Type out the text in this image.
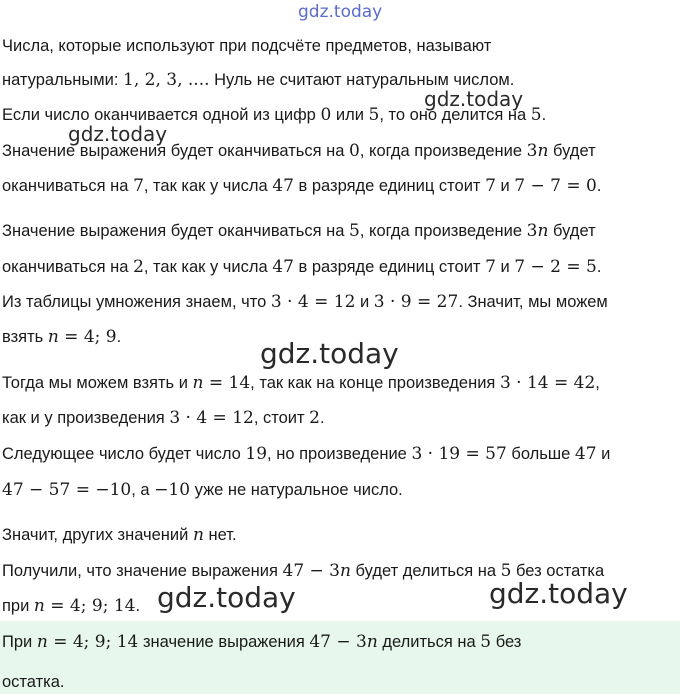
gdz.today
gdz.today
gdz.today
gdz.today
gdz.today	gdz.today
Числа, которые используют при подсчёте предметов, называют
натуральными: 1, 2, 3, .... Нуль не считают натуральным числом.
Если число оканчивается одной из цифр 0 или 5, то оно делится на 5.
Значение выражения будет оканчиваться на 0, когда произведение 3n будет
оканчиваться на 7, так как у числа 47 в разряде единиц стоит 7 и 7 − 7 = 0.
Значение выражения будет оканчиваться на 5, когда произведение 3n будет
оканчиваться на 2, так как у числа 47 в разряде единиц стоит 7 и 7 − 2 = 5.
Из таблицы умножения знаем, что 3 · 4 = 12 и 3 · 9 = 27. Значит, мы можем
взять n = 4; 9.
Тогда мы можем взять и n = 14, так как на конце произведения 3 · 14 = 42,
как и у произведения 3 · 4 = 12, стоит 2.
Следующее число будет число 19, но произведение 3 · 19 = 57 больше 47 и
47 − 57 = −10, а −10 уже не натуральное число.
Значит, других значений n нет.
Получили, что значение выражения 47 − 3n будет делиться на 5 без остатка
при n = 4; 9; 14.
При n = 4; 9; 14 значение выражения 47 − 3n делиться на 5 без
остатка.
